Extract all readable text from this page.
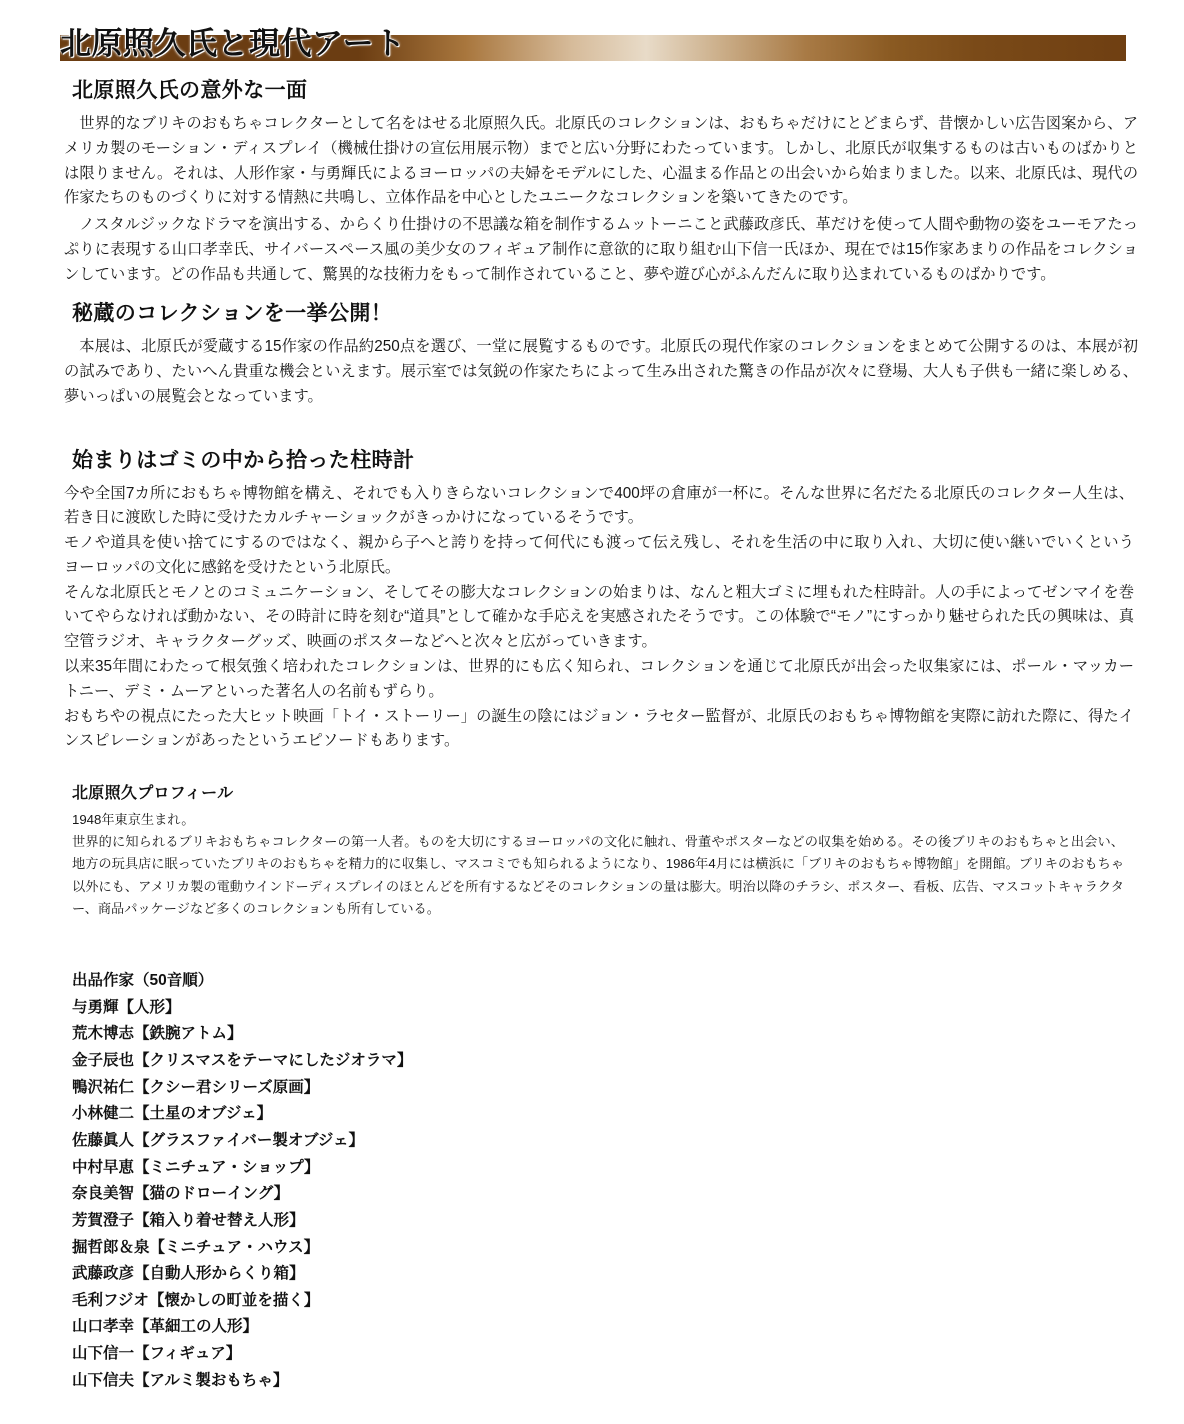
北原照久氏と現代アート
北原照久氏の意外な一面

世界的なブリキのおもちゃコレクターとして名をはせる北原照久氏。北原氏のコレクションは、おもちゃだけにとどまらず、昔懐かしい広告図案から、アメリカ製のモーション・ディスプレイ（機械仕掛けの宣伝用展示物）までと広い分野にわたっています。しかし、北原氏が収集するものは古いものばかりとは限りません。それは、人形作家・与勇輝氏によるヨーロッパの夫婦をモデルにした、心温まる作品との出会いから始まりました。以来、北原氏は、現代の作家たちのものづくりに対する情熱に共鳴し、立体作品を中心としたユニークなコレクションを築いてきたのです。

ノスタルジックなドラマを演出する、からくり仕掛けの不思議な箱を制作するムットーニこと武藤政彦氏、革だけを使って人間や動物の姿をユーモアたっぷりに表現する山口孝幸氏、サイバースペース風の美少女のフィギュア制作に意欲的に取り組む山下信一氏ほか、現在では15作家あまりの作品をコレクションしています。どの作品も共通して、驚異的な技術力をもって制作されていること、夢や遊び心がふんだんに取り込まれているものばかりです。

秘蔵のコレクションを一挙公開！

本展は、北原氏が愛蔵する15作家の作品約250点を選び、一堂に展覧するものです。北原氏の現代作家のコレクションをまとめて公開するのは、本展が初の試みであり、たいへん貴重な機会といえます。展示室では気鋭の作家たちによって生み出された驚きの作品が次々に登場、大人も子供も一緒に楽しめる、夢いっぱいの展覧会となっています。

始まりはゴミの中から拾った柱時計

今や全国7カ所におもちゃ博物館を構え、それでも入りきらないコレクションで400坪の倉庫が一杯に。そんな世界に名だたる北原氏のコレクター人生は、若き日に渡欧した時に受けたカルチャーショックがきっかけになっているそうです。

モノや道具を使い捨てにするのではなく、親から子へと誇りを持って何代にも渡って伝え残し、それを生活の中に取り入れ、大切に使い継いでいくというヨーロッパの文化に感銘を受けたという北原氏。

そんな北原氏とモノとのコミュニケーション、そしてその膨大なコレクションの始まりは、なんと粗大ゴミに埋もれた柱時計。人の手によってゼンマイを巻いてやらなければ動かない、その時計に時を刻む“道具”として確かな手応えを実感されたそうです。この体験で“モノ”にすっかり魅せられた氏の興味は、真空管ラジオ、キャラクターグッズ、映画のポスターなどへと次々と広がっていきます。

以来35年間にわたって根気強く培われたコレクションは、世界的にも広く知られ、コレクションを通じて北原氏が出会った収集家には、ポール・マッカートニー、デミ・ムーアといった著名人の名前もずらり。

おもちやの視点にたった大ヒット映画「トイ・ストーリー」の誕生の陰にはジョン・ラセター監督が、北原氏のおもちゃ博物館を実際に訪れた際に、得たインスピレーションがあったというエピソードもあります。

北原照久プロフィール

1948年東京生まれ。

世界的に知られるブリキおもちゃコレクターの第一人者。ものを大切にするヨーロッパの文化に触れ、骨董やポスターなどの収集を始める。その後ブリキのおもちゃと出会い、地方の玩具店に眠っていたブリキのおもちゃを精力的に収集し、マスコミでも知られるようになり、1986年4月には横浜に「ブリキのおもちゃ博物館」を開館。ブリキのおもちゃ以外にも、アメリカ製の電動ウインドーディスプレイのほとんどを所有するなどそのコレクションの量は膨大。明治以降のチラシ、ポスター、看板、広告、マスコットキャラクター、商品パッケージなど多くのコレクションも所有している。

出品作家（50音順）
与勇輝【人形】
荒木博志【鉄腕アトム】
金子辰也【クリスマスをテーマにしたジオラマ】
鴨沢祐仁【クシー君シリーズ原画】
小林健二【土星のオブジェ】
佐藤眞人【グラスファイバー製オブジェ】
中村早恵【ミニチュア・ショップ】
奈良美智【猫のドローイング】
芳賀澄子【箱入り着せ替え人形】
掘哲郎＆泉【ミニチュア・ハウス】
武藤政彦【自動人形からくり箱】
毛利フジオ【懐かしの町並を描く】
山口孝幸【革細工の人形】
山下信一【フィギュア】
山下信夫【アルミ製おもちゃ】
